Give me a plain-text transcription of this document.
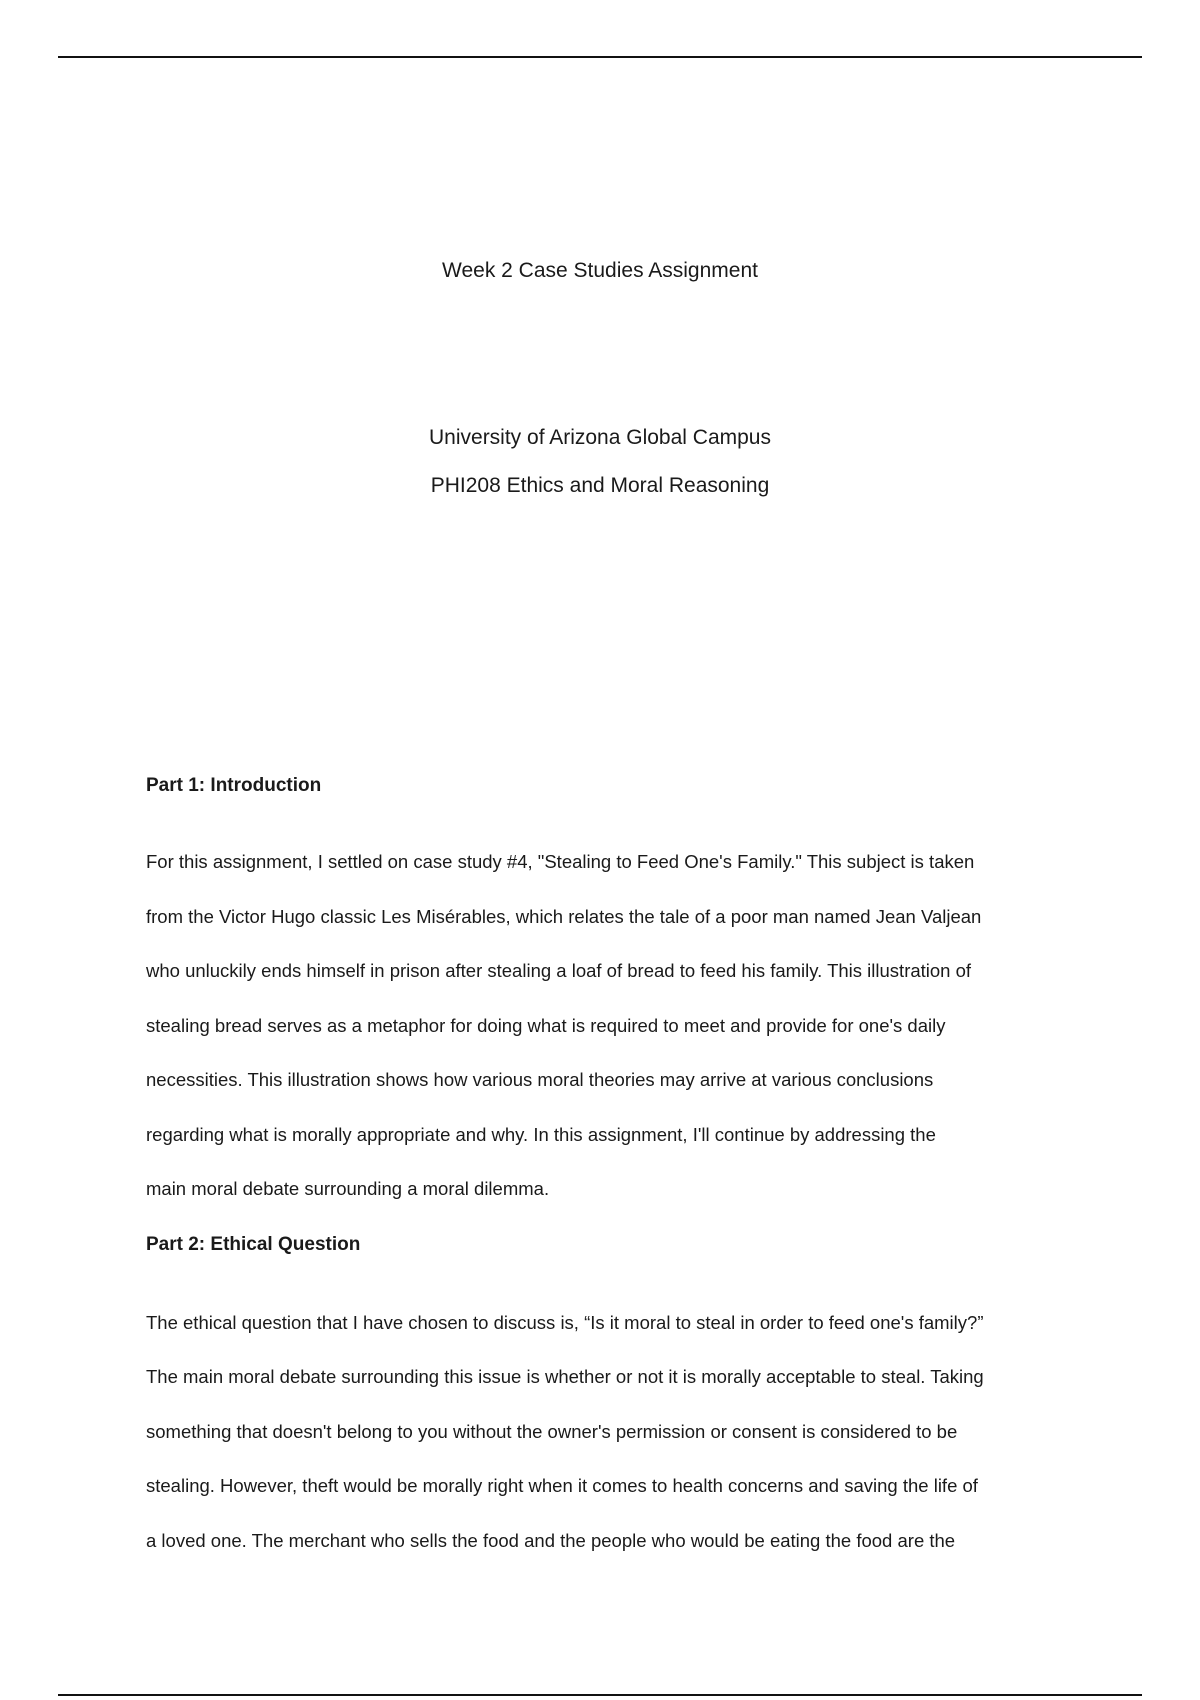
Week 2 Case Studies Assignment
University of Arizona Global Campus
PHI208 Ethics and Moral Reasoning
Part 1: Introduction

For this assignment, I settled on case study #4, "Stealing to Feed One's Family." This subject is taken
from the Victor Hugo classic Les Misérables, which relates the tale of a poor man named Jean Valjean
who unluckily ends himself in prison after stealing a loaf of bread to feed his family. This illustration of
stealing bread serves as a metaphor for doing what is required to meet and provide for one's daily
necessities. This illustration shows how various moral theories may arrive at various conclusions
regarding what is morally appropriate and why. In this assignment, I'll continue by addressing the
main moral debate surrounding a moral dilemma.

Part 2: Ethical Question

The ethical question that I have chosen to discuss is, “Is it moral to steal in order to feed one's family?”
The main moral debate surrounding this issue is whether or not it is morally acceptable to steal. Taking
something that doesn't belong to you without the owner's permission or consent is considered to be
stealing. However, theft would be morally right when it comes to health concerns and saving the life of
a loved one. The merchant who sells the food and the people who would be eating the food are the
